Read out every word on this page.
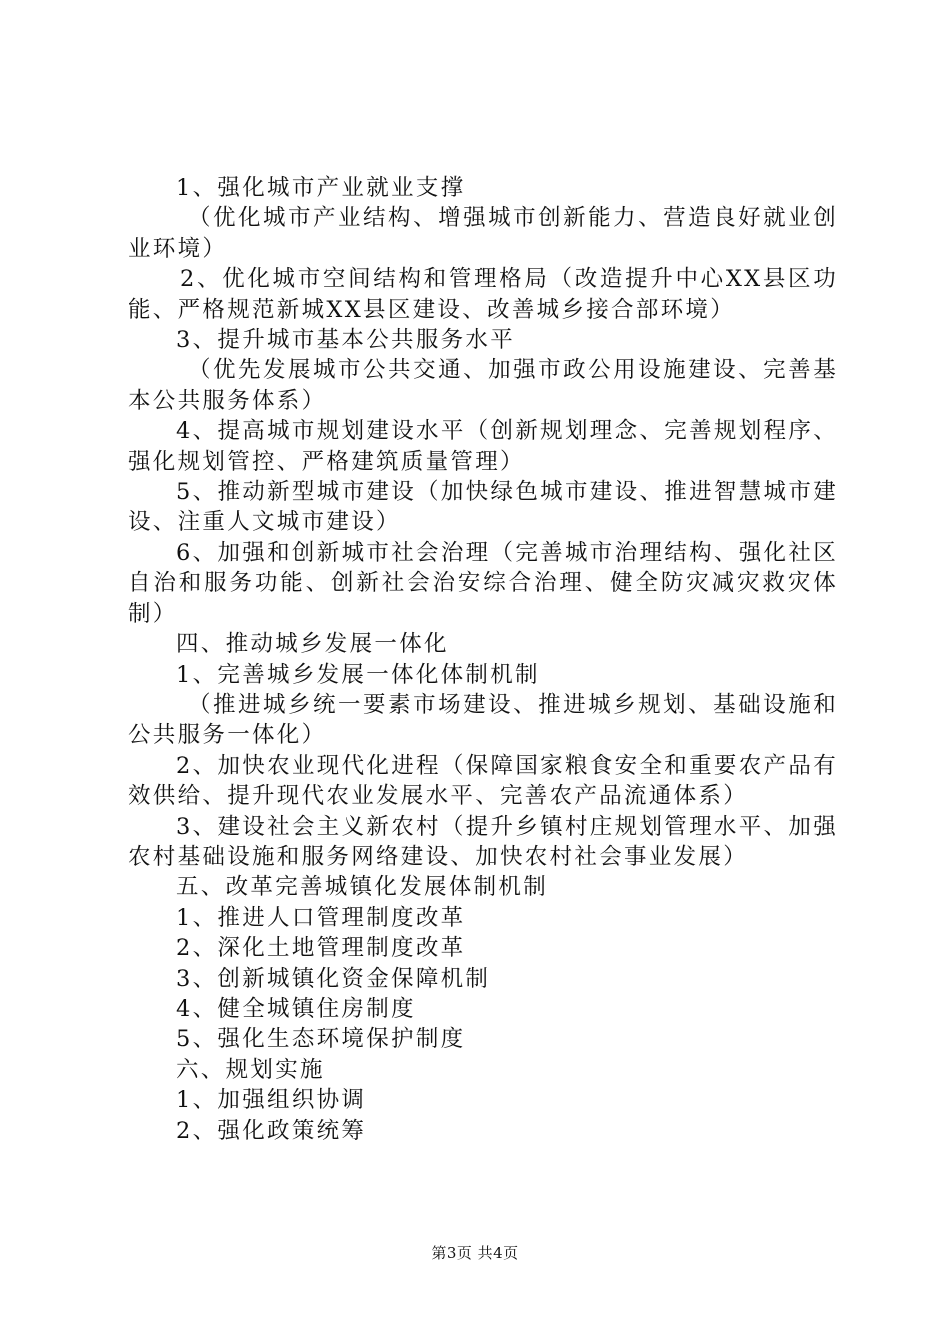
1、强化城市产业就业支撑

（优化城市产业结构、增强城市创新能力、营造良好就业创业环境）

2、优化城市空间结构和管理格局（改造提升中心XX县区功能、严格规范新城XX县区建设、改善城乡接合部环境）

3、提升城市基本公共服务水平

（优先发展城市公共交通、加强市政公用设施建设、完善基本公共服务体系）

4、提高城市规划建设水平（创新规划理念、完善规划程序、强化规划管控、严格建筑质量管理）

5、推动新型城市建设（加快绿色城市建设、推进智慧城市建设、注重人文城市建设）

6、加强和创新城市社会治理（完善城市治理结构、强化社区自治和服务功能、创新社会治安综合治理、健全防灾减灾救灾体制）

四、推动城乡发展一体化

1、完善城乡发展一体化体制机制

（推进城乡统一要素市场建设、推进城乡规划、基础设施和公共服务一体化）

2、加快农业现代化进程（保障国家粮食安全和重要农产品有效供给、提升现代农业发展水平、完善农产品流通体系）

3、建设社会主义新农村（提升乡镇村庄规划管理水平、加强农村基础设施和服务网络建设、加快农村社会事业发展）

五、改革完善城镇化发展体制机制

1、推进人口管理制度改革

2、深化土地管理制度改革

3、创新城镇化资金保障机制

4、健全城镇住房制度

5、强化生态环境保护制度

六、规划实施

1、加强组织协调

2、强化政策统筹

第3页 共4页
